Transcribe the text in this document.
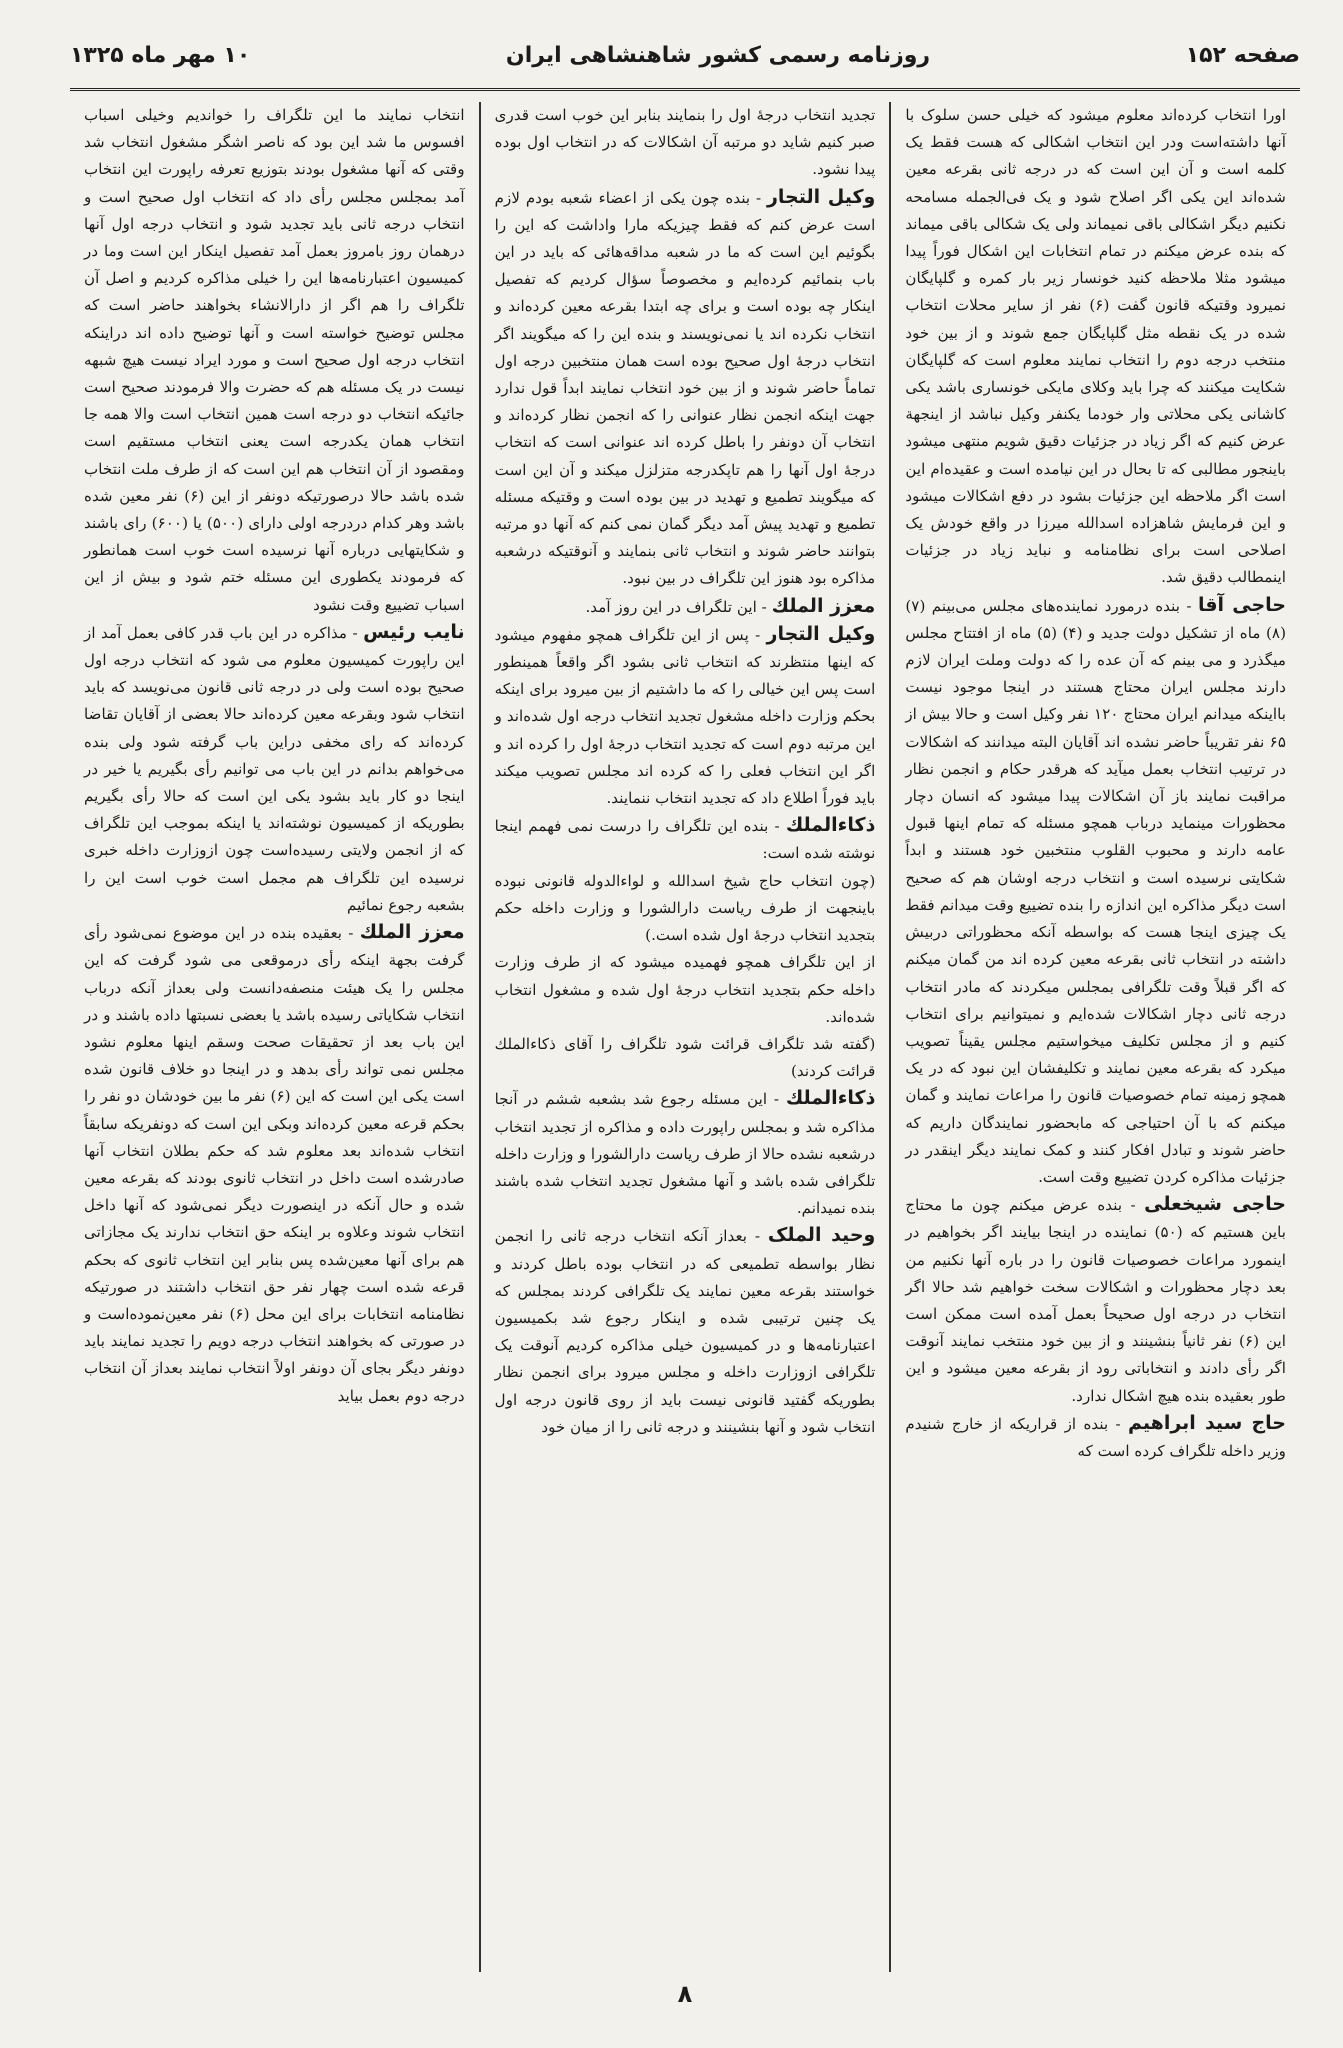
صفحه ۱۵۲
روزنامه رسمی کشور شاهنشاهی ایران
۱۰ مهر ماه ۱۳۲۵

اورا انتخاب کرده‌اند معلوم میشود که خیلی حسن سلوک با آنها داشته‌است ودر این انتخاب اشکالی که هست فقط یک کلمه است و آن این است که در درجه ثانی بقرعه معین شده‌اند این یکی اگر اصلاح شود و یک فی‌الجمله مسامحه نکنیم دیگر اشکالی باقی نمیماند ولی یک شکالی باقی میماند که بنده عرض میکنم در تمام انتخابات این اشکال فوراً پیدا میشود مثلا ملاحظه کنید خونسار زیر بار کمره و گلپایگان نمیرود وقتیکه قانون گفت (۶) نفر از سایر محلات انتخاب شده در یک نقطه مثل گلپایگان جمع شوند و از بین خود منتخب درجه دوم را انتخاب نمایند معلوم است که گلپایگان شکایت میکنند که چرا باید وکلای مایکی خونساری باشد یکی کاشانی یکی محلاتی وار خودما یکنفر وکیل نباشد از اینجهة عرض کنیم که اگر زیاد در جزئیات دقیق شویم منتهی میشود باینجور مطالبی که تا بحال در این نیامده است و عقیده‌ام این است اگر ملاحظه این جزئیات بشود در دفع اشکالات میشود و این فرمایش شاهزاده اسدالله میرزا در واقع خودش یک اصلاحی است برای نظامنامه و نباید زیاد در جزئیات اینمطالب دقیق شد.

حاجی آقا - بنده درمورد نماینده‌های مجلس می‌بینم (۷) (۸) ماه از تشکیل دولت جدید و (۴) (۵) ماه از افتتاح مجلس میگذرد و می بینم که آن عده را که دولت وملت ایران لازم دارند مجلس ایران محتاج هستند در اینجا موجود نیست بااینکه میدانم ایران محتاج ۱۲۰ نفر وکیل است و حالا بیش از ۶۵ نفر تقریباً حاضر نشده اند آقایان البته میدانند که اشکالات در ترتیب انتخاب بعمل میآید که هرقدر حکام و انجمن نظار مراقبت نمایند باز آن اشکالات پیدا میشود که انسان دچار محظورات مینماید درباب همچو مسئله که تمام اینها قبول عامه دارند و محبوب القلوب منتخبین خود هستند و ابداً شکایتی نرسیده است و انتخاب درجه اوشان هم که صحیح است دیگر مذاکره این اندازه را بنده تضییع وقت میدانم فقط یک چیزی اینجا هست که بواسطه آنکه محظوراتی دربیش داشته در انتخاب ثانی بقرعه معین کرده اند من گمان میکنم که اگر قبلاً وقت تلگرافی بمجلس میکردند که مادر انتخاب درجه ثانی دچار اشکالات شده‌ایم و نمیتوانیم برای انتخاب کنیم و از مجلس تکلیف میخواستیم مجلس یقیناً تصویب میکرد که بقرعه معین نمایند و تکلیفشان این نبود که در یک همچو زمینه تمام خصوصیات قانون را مراعات نمایند و گمان میکنم که با آن احتیاجی که مابحضور نمایندگان داریم که حاضر شوند و تبادل افکار کنند و کمک نمایند دیگر اینقدر در جزئیات مذاکره کردن تضییع وقت است.

حاجی شیخعلی - بنده عرض میکنم چون ما محتاج باین هستیم که (۵۰) نماینده در اینجا بیایند اگر بخواهیم در اینمورد مراعات خصوصیات قانون را در باره آنها نکنیم من بعد دچار محظورات و اشکالات سخت خواهیم شد حالا اگر انتخاب در درجه اول صحیحاً بعمل آمده است ممکن است این (۶) نفر ثانیاً بنشینند و از بین خود منتخب نمایند آنوقت اگر رأی دادند و انتخاباتی رود از بقرعه معین میشود و این طور بعقیده بنده هیچ اشکال ندارد.

حاج سید ابراهیم - بنده از قراریکه از خارج شنیدم وزیر داخله تلگراف کرده است که

تجدید انتخاب درجهٔ اول را بنمایند بنابر این خوب است قدری صبر کنیم شاید دو مرتبه آن اشکالات که در انتخاب اول بوده پیدا نشود.

وکیل التجار - بنده چون یکی از اعضاء شعبه بودم لازم است عرض کنم که فقط چیزیکه مارا واداشت که این را بگوئیم این است که ما در شعبه مداقه‌هائی که باید در این باب بنمائیم کرده‌ایم و مخصوصاً سؤال کردیم که تفصیل اینکار چه بوده است و برای چه ابتدا بقرعه معین کرده‌اند و انتخاب نکرده اند یا نمی‌نویسند و بنده این را که میگویند اگر انتخاب درجهٔ اول صحیح بوده است همان منتخبین درجه اول تماماً حاضر شوند و از بین خود انتخاب نمایند ابداً قول ندارد جهت اینکه انجمن نظار عنوانی را که انجمن نظار کرده‌اند و انتخاب آن دونفر را باطل کرده اند عنوانی است که انتخاب درجهٔ اول آنها را هم تاپکدرجه متزلزل میکند و آن این است که میگویند تطمیع و تهدید در بین بوده است و وقتیکه مسئله تطمیع و تهدید پیش آمد دیگر گمان نمی کنم که آنها دو مرتبه بتوانند حاضر شوند و انتخاب ثانی بنمایند و آنوقتیکه درشعبه مذاکره بود هنوز این تلگراف در بین نبود.

معزز الملك - این تلگراف در این روز آمد.

وکیل التجار - پس از این تلگراف همچو مفهوم میشود که اینها منتظرند که انتخاب ثانی بشود اگر واقعاً همینطور است پس این خیالی را که ما داشتیم از بین میرود برای اینکه بحکم وزارت داخله مشغول تجدید انتخاب درجه اول شده‌اند و این مرتبه دوم است که تجدید انتخاب درجهٔ اول را کرده اند و اگر این انتخاب فعلی را که کرده اند مجلس تصویب میکند باید فوراً اطلاع داد که تجدید انتخاب ننمایند.

ذکاءالملك - بنده این تلگراف را درست نمی فهمم اینجا نوشته شده است:

(چون انتخاب حاج شیخ اسدالله و لواءالدوله قانونی نبوده باینجهت از طرف ریاست دارالشورا و وزارت داخله حکم بتجدید انتخاب درجهٔ اول شده است.)

از این تلگراف همچو فهمیده میشود که از طرف وزارت داخله حکم بتجدید انتخاب درجهٔ اول شده و مشغول انتخاب شده‌اند.

(گفته شد تلگراف قرائت شود تلگراف را آقای ذکاءالملك قرائت کردند)

ذکاءالملك - این مسئله رجوع شد بشعبه ششم در آنجا مذاکره شد و بمجلس راپورت داده و مذاکره از تجدید انتخاب درشعبه نشده حالا از طرف ریاست دارالشورا و وزارت داخله تلگرافی شده باشد و آنها مشغول تجدید انتخاب شده باشند بنده نمیدانم.

وحید الملک - بعداز آنکه انتخاب درجه ثانی را انجمن نظار بواسطه تطمیعی که در انتخاب بوده باطل کردند و خواستند بقرعه معین نمایند یک تلگرافی کردند بمجلس که یک چنین ترتیبی شده و اینکار رجوع شد بکمیسیون اعتبارنامه‌ها و در کمیسیون خیلی مذاکره کردیم آنوقت یک تلگرافی ازوزارت داخله و مجلس میرود برای انجمن نظار بطوریکه گفتید قانونی نیست باید از روی قانون درجه اول انتخاب شود و آنها بنشینند و درجه ثانی را از میان خود

انتخاب نمایند ما این تلگراف را خواندیم وخیلی اسباب افسوس ما شد این بود که ناصر اشگر مشغول انتخاب شد وقتی که آنها مشغول بودند بتوزیع تعرفه راپورت این انتخاب آمد بمجلس مجلس رأی داد که انتخاب اول صحیح است و انتخاب درجه ثانی باید تجدید شود و انتخاب درجه اول آنها درهمان روز بامروز بعمل آمد تفصیل اینکار این است وما در کمیسیون اعتبارنامه‌ها این را خیلی مذاکره کردیم و اصل آن تلگراف را هم اگر از دارالانشاء بخواهند حاضر است که مجلس توضیح خواسته است و آنها توضیح داده اند دراینکه انتخاب درجه اول صحیح است و مورد ایراد نیست هیچ شبهه نیست در یک مسئله هم که حضرت والا فرمودند صحیح است جائیکه انتخاب دو درجه است همین انتخاب است والا همه جا انتخاب همان یکدرجه است یعنی انتخاب مستقیم است ومقصود از آن انتخاب هم این است که از طرف ملت انتخاب شده باشد حالا درصورتیکه دونفر از این (۶) نفر معین شده باشد وهر کدام دردرجه اولی دارای (۵۰۰) یا (۶۰۰) رای باشند و شکایتهایی درباره آنها نرسیده است خوب است همانطور که فرمودند یکطوری این مسئله ختم شود و بیش از این اسباب تضییع وقت نشود

نایب رئیس - مذاکره در این باب قدر کافی بعمل آمد از این راپورت کمیسیون معلوم می شود که انتخاب درجه اول صحیح بوده است ولی در درجه ثانی قانون می‌نویسد که باید انتخاب شود وبقرعه معین کرده‌اند حالا بعضی از آقایان تقاضا کرده‌اند که رای مخفی دراین باب گرفته شود ولی بنده می‌خواهم بدانم در این باب می توانیم رأی بگیریم یا خیر در اینجا دو کار باید بشود یکی این است که حالا رأی بگیریم بطوریکه از کمیسیون نوشته‌اند یا اینکه بموجب این تلگراف که از انجمن ولایتی رسیده‌است چون ازوزارت داخله خبری نرسیده این تلگراف هم مجمل است خوب است این را بشعبه رجوع نمائیم

معزز الملك - بعقیده بنده در این موضوع نمی‌شود رأی گرفت بجهة اینکه رأی درموقعی می شود گرفت که این مجلس را یک هیئت منصفه‌دانست ولی بعداز آنکه درباب انتخاب شکایاتی رسیده باشد یا بعضی نسبتها داده باشند و در این باب بعد از تحقیقات صحت وسقم اینها معلوم نشود مجلس نمی تواند رأی بدهد و در اینجا دو خلاف قانون شده است یکی این است که این (۶) نفر ما بین خودشان دو نفر را بحکم قرعه معین کرده‌اند وبکی این است که دونفریکه سابقاً انتخاب شده‌اند بعد معلوم شد که حکم بطلان انتخاب آنها صادرشده است داخل در انتخاب ثانوی بودند که بقرعه معین شده و حال آنکه در اینصورت دیگر نمی‌شود که آنها داخل انتخاب شوند وعلاوه بر اینکه حق انتخاب ندارند یک مجازاتی هم برای آنها معین‌شده پس بنابر این انتخاب ثانوی که بحکم قرعه شده است چهار نفر حق انتخاب داشتند در صورتیکه نظامنامه انتخابات برای این محل (۶) نفر معین‌نموده‌است و در صورتی که بخواهند انتخاب درجه دویم را تجدید نمایند باید دونفر دیگر بجای آن دونفر اولاً انتخاب نمایند بعداز آن انتخاب درجه دوم بعمل بیاید

۸
